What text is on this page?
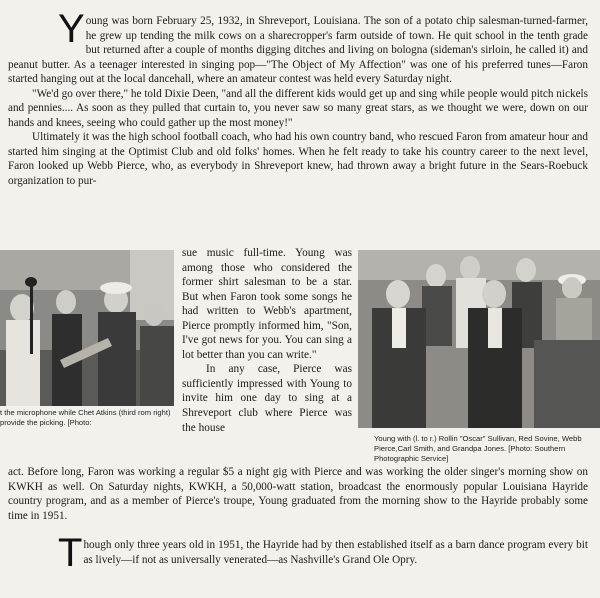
Young was born February 25, 1932, in Shreveport, Louisiana. The son of a potato chip salesman-turned-farmer, he grew up tending the milk cows on a sharecropper's farm outside of town. He quit school in the tenth grade but returned after a couple of months digging ditches and living on bologna (sideman's sirloin, he called it) and peanut butter. As a teenager interested in singing pop—"The Object of My Affection" was one of his preferred tunes—Faron started hanging out at the local dancehall, where an amateur contest was held every Saturday night.
"We'd go over there," he told Dixie Deen, "and all the different kids would get up and sing while people would pitch nickels and pennies.... As soon as they pulled that curtain to, you never saw so many great stars, as we thought we were, down on our hands and knees, seeing who could gather up the most money!"
Ultimately it was the high school football coach, who had his own country band, who rescued Faron from amateur hour and started him singing at the Optimist Club and old folks' homes. When he felt ready to take his country career to the next level, Faron looked up Webb Pierce, who, as everybody in Shreveport knew, had thrown away a bright future in the Sears-Roebuck organization to pur-
sue music full-time. Young was among those who considered the former shirt salesman to be a star. But when Faron took some songs he had written to Webb's apartment, Pierce promptly informed him, "Son, I've got news for you. You can sing a lot better than you can write."
In any case, Pierce was sufficiently impressed with Young to invite him one day to sing at a Shreveport club where Pierce was the house
t the microphone while Chet Atkins (third rom right) provide the picking. [Photo:
Young with (l. to r.) Rollin "Oscar" Sullivan, Red Sovine, Webb Pierce,Carl Smith, and Grandpa Jones. [Photo: Southern Photographic Service]
act. Before long, Faron was working a regular $5 a night gig with Pierce and was working the older singer's morning show on KWKH as well. On Saturday nights, KWKH, a 50,000-watt station, broadcast the enormously popular Louisiana Hayride country program, and as a member of Pierce's troupe, Young graduated from the morning show to the Hayride probably some time in 1951.
Though only three years old in 1951, the Hayride had by then established itself as a barn dance program every bit as lively—if not as universally venerated—as Nashville's Grand Ole Opry.
